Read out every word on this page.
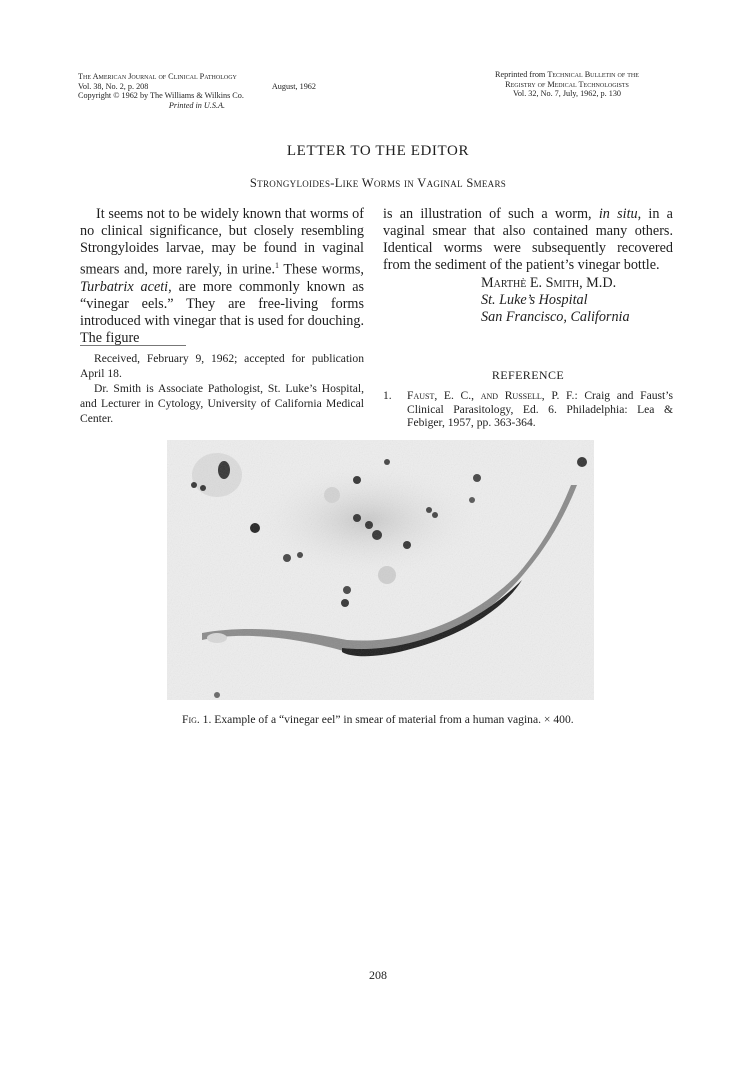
The American Journal of Clinical Pathology
Vol. 38, No. 2, p. 208	August, 1962
Copyright © 1962 by The Williams & Wilkins Co.
Printed in U.S.A.
Reprinted from Technical Bulletin of the
Registry of Medical Technologists
Vol. 32, No. 7, July, 1962, p. 130
LETTER TO THE EDITOR
Strongyloides-Like Worms in Vaginal Smears

It seems not to be widely known that worms of no clinical significance, but closely resembling Strongyloides larvae, may be found in vaginal smears and, more rarely, in urine.$^1$ These worms, Turbatrix aceti, are more commonly known as “vinegar eels.” They are free-living forms introduced with vinegar that is used for douching. The figure

Received, February 9, 1962; accepted for publication April 18.

Dr. Smith is Associate Pathologist, St. Luke’s Hospital, and Lecturer in Cytology, University of California Medical Center.

is an illustration of such a worm, in situ, in a vaginal smear that also contained many others. Identical worms were subsequently recovered from the sediment of the patient’s vinegar bottle.

Marthè E. Smith, M.D.
St. Luke’s Hospital
San Francisco, California
REFERENCE
1.	Faust, E. C., and Russell, P. F.: Craig and Faust’s Clinical Parasitology, Ed. 6. Philadelphia: Lea & Febiger, 1957, pp. 363-364.
Fig. 1. Example of a “vinegar eel” in smear of material from a human vagina. × 400.
208
